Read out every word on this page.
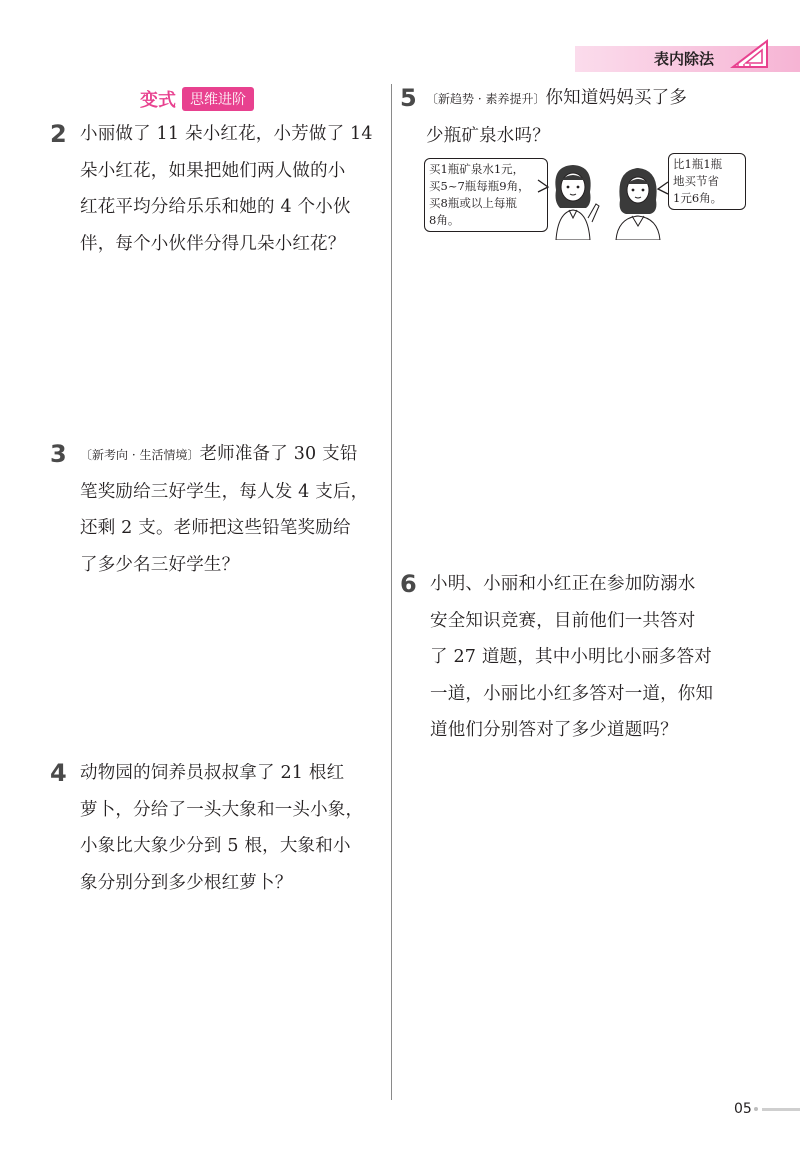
表内除法
变式	思维进阶
2 小丽做了 11 朵小红花，小芳做了 14
朵小红花，如果把她们两人做的小
红花平均分给乐乐和她的 4 个小伙
伴，每个小伙伴分得几朵小红花？
3 〔新考向 · 生活情境〕老师准备了 30 支铅
笔奖励给三好学生，每人发 4 支后，
还剩 2 支。老师把这些铅笔奖励给
了多少名三好学生？
4 动物园的饲养员叔叔拿了 21 根红
萝卜，分给了一头大象和一头小象，
小象比大象少分到 5 根，大象和小
象分别分到多少根红萝卜？
5 〔新趋势 · 素养提升〕你知道妈妈买了多
少瓶矿泉水吗？
买1瓶矿泉水1元，
买5~7瓶每瓶9角，
买8瓶或以上每瓶
8角。
比1瓶1瓶
地买节省
1元6角。
6 小明、小丽和小红正在参加防溺水
安全知识竞赛，目前他们一共答对
了 27 道题，其中小明比小丽多答对
一道，小丽比小红多答对一道，你知
道他们分别答对了多少道题吗？
05
